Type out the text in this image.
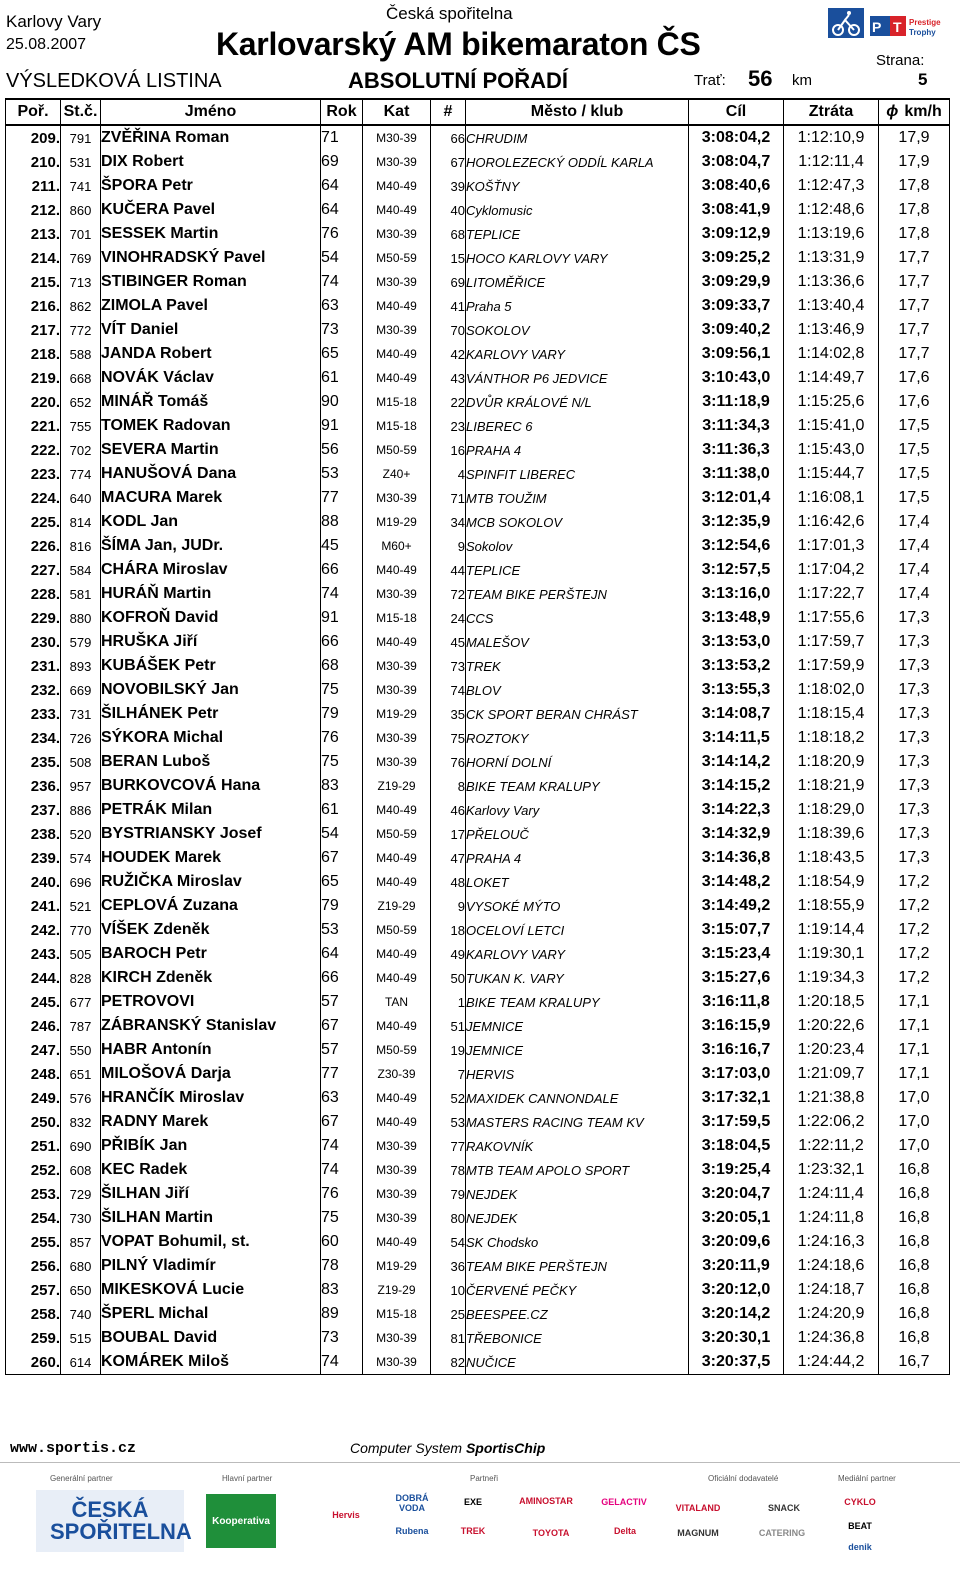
Karlovy Vary
25.08.2007
Česká spořitelna
Karlovarský AM bikemaraton ČS
VÝSLEDKOVÁ LISTINA	ABSOLUTNÍ POŘADÍ	Trať: 56 km
Strana:
5
P T Prestige
Trophy
Poř.	St.č.	Jméno	Rok	Kat	#	Město / klub	Cíl	Ztráta	ϕ km/h
209.	791	ZVĚŘINA Roman	71	M30-39	66	CHRUDIM	3:08:04,2	1:12:10,9	17,9
210.	531	DIX Robert	69	M30-39	67	HOROLEZECKÝ ODDÍL KARLA	3:08:04,7	1:12:11,4	17,9
211.	741	ŠPORA Petr	64	M40-49	39	KOŠŤNY	3:08:40,6	1:12:47,3	17,8
212.	860	KUČERA Pavel	64	M40-49	40	Cyklomusic	3:08:41,9	1:12:48,6	17,8
213.	701	SESSEK Martin	76	M30-39	68	TEPLICE	3:09:12,9	1:13:19,6	17,8
214.	769	VINOHRADSKÝ Pavel	54	M50-59	15	HOCO KARLOVY VARY	3:09:25,2	1:13:31,9	17,7
215.	713	STIBINGER Roman	74	M30-39	69	LITOMĚŘICE	3:09:29,9	1:13:36,6	17,7
216.	862	ZIMOLA Pavel	63	M40-49	41	Praha 5	3:09:33,7	1:13:40,4	17,7
217.	772	VÍT Daniel	73	M30-39	70	SOKOLOV	3:09:40,2	1:13:46,9	17,7
218.	588	JANDA Robert	65	M40-49	42	KARLOVY VARY	3:09:56,1	1:14:02,8	17,7
219.	668	NOVÁK Václav	61	M40-49	43	VÁNTHOR P6 JEDVICE	3:10:43,0	1:14:49,7	17,6
220.	652	MINÁŘ Tomáš	90	M15-18	22	DVŮR KRÁLOVÉ N/L	3:11:18,9	1:15:25,6	17,6
221.	755	TOMEK Radovan	91	M15-18	23	LIBEREC 6	3:11:34,3	1:15:41,0	17,5
222.	702	SEVERA Martin	56	M50-59	16	PRAHA 4	3:11:36,3	1:15:43,0	17,5
223.	774	HANUŠOVÁ Dana	53	Z40+	4	SPINFIT LIBEREC	3:11:38,0	1:15:44,7	17,5
224.	640	MACURA Marek	77	M30-39	71	MTB TOUŽIM	3:12:01,4	1:16:08,1	17,5
225.	814	KODL Jan	88	M19-29	34	MCB SOKOLOV	3:12:35,9	1:16:42,6	17,4
226.	816	ŠÍMA Jan, JUDr.	45	M60+	9	Sokolov	3:12:54,6	1:17:01,3	17,4
227.	584	CHÁRA Miroslav	66	M40-49	44	TEPLICE	3:12:57,5	1:17:04,2	17,4
228.	581	HURÁŇ Martin	74	M30-39	72	TEAM BIKE PERŠTEJN	3:13:16,0	1:17:22,7	17,4
229.	880	KOFROŇ David	91	M15-18	24	CCS	3:13:48,9	1:17:55,6	17,3
230.	579	HRUŠKA Jiří	66	M40-49	45	MALEŠOV	3:13:53,0	1:17:59,7	17,3
231.	893	KUBÁŠEK Petr	68	M30-39	73	TREK	3:13:53,2	1:17:59,9	17,3
232.	669	NOVOBILSKÝ Jan	75	M30-39	74	BLOV	3:13:55,3	1:18:02,0	17,3
233.	731	ŠILHÁNEK Petr	79	M19-29	35	CK SPORT BERAN CHRÁST	3:14:08,7	1:18:15,4	17,3
234.	726	SÝKORA Michal	76	M30-39	75	ROZTOKY	3:14:11,5	1:18:18,2	17,3
235.	508	BERAN Luboš	75	M30-39	76	HORNÍ DOLNÍ	3:14:14,2	1:18:20,9	17,3
236.	957	BURKOVCOVÁ Hana	83	Z19-29	8	BIKE TEAM KRALUPY	3:14:15,2	1:18:21,9	17,3
237.	886	PETRÁK Milan	61	M40-49	46	Karlovy Vary	3:14:22,3	1:18:29,0	17,3
238.	520	BYSTRIANSKY Josef	54	M50-59	17	PŘELOUČ	3:14:32,9	1:18:39,6	17,3
239.	574	HOUDEK Marek	67	M40-49	47	PRAHA 4	3:14:36,8	1:18:43,5	17,3
240.	696	RUŽIČKA Miroslav	65	M40-49	48	LOKET	3:14:48,2	1:18:54,9	17,2
241.	521	CEPLOVÁ Zuzana	79	Z19-29	9	VYSOKÉ MÝTO	3:14:49,2	1:18:55,9	17,2
242.	770	VÍŠEK Zdeněk	53	M50-59	18	OCELOVÍ LETCI	3:15:07,7	1:19:14,4	17,2
243.	505	BAROCH Petr	64	M40-49	49	KARLOVY VARY	3:15:23,4	1:19:30,1	17,2
244.	828	KIRCH Zdeněk	66	M40-49	50	TUKAN K. VARY	3:15:27,6	1:19:34,3	17,2
245.	677	PETROVOVI	57	TAN	1	BIKE TEAM KRALUPY	3:16:11,8	1:20:18,5	17,1
246.	787	ZÁBRANSKÝ Stanislav	67	M40-49	51	JEMNICE	3:16:15,9	1:20:22,6	17,1
247.	550	HABR Antonín	57	M50-59	19	JEMNICE	3:16:16,7	1:20:23,4	17,1
248.	651	MILOŠOVÁ Darja	77	Z30-39	7	HERVIS	3:17:03,0	1:21:09,7	17,1
249.	576	HRANČÍK Miroslav	63	M40-49	52	MAXIDEK CANNONDALE	3:17:32,1	1:21:38,8	17,0
250.	832	RADNY Marek	67	M40-49	53	MASTERS RACING TEAM KV	3:17:59,5	1:22:06,2	17,0
251.	690	PŘIBÍK Jan	74	M30-39	77	RAKOVNÍK	3:18:04,5	1:22:11,2	17,0
252.	608	KEC Radek	74	M30-39	78	MTB TEAM APOLO SPORT	3:19:25,4	1:23:32,1	16,8
253.	729	ŠILHAN Jiří	76	M30-39	79	NEJDEK	3:20:04,7	1:24:11,4	16,8
254.	730	ŠILHAN Martin	75	M30-39	80	NEJDEK	3:20:05,1	1:24:11,8	16,8
255.	857	VOPAT Bohumil, st.	60	M40-49	54	SK Chodsko	3:20:09,6	1:24:16,3	16,8
256.	680	PILNÝ Vladimír	78	M19-29	36	TEAM BIKE PERŠTEJN	3:20:11,9	1:24:18,6	16,8
257.	650	MIKESKOVÁ Lucie	83	Z19-29	10	ČERVENÉ PEČKY	3:20:12,0	1:24:18,7	16,8
258.	740	ŠPERL Michal	89	M15-18	25	BEESPEE.CZ	3:20:14,2	1:24:20,9	16,8
259.	515	BOUBAL David	73	M30-39	81	TŘEBONICE	3:20:30,1	1:24:36,8	16,8
260.	614	KOMÁREK Miloš	74	M30-39	82	NUČICE	3:20:37,5	1:24:44,2	16,7
www.sportis.cz	Computer System SportisChip
Generální partner	Hlavní partner	Partneři	Oficiální dodavatelé	Mediální partner
ČESKÁ SPOŘITELNA Kooperativa
Hervis
DOBRÁ VODA
EXE	AMINOSTAR	GELACTIV
Rubena	TREK	TOYOTA	Delta
VITALAND	SNACK
MAGNUM	CATERING
CYKLO
BEAT
denik
